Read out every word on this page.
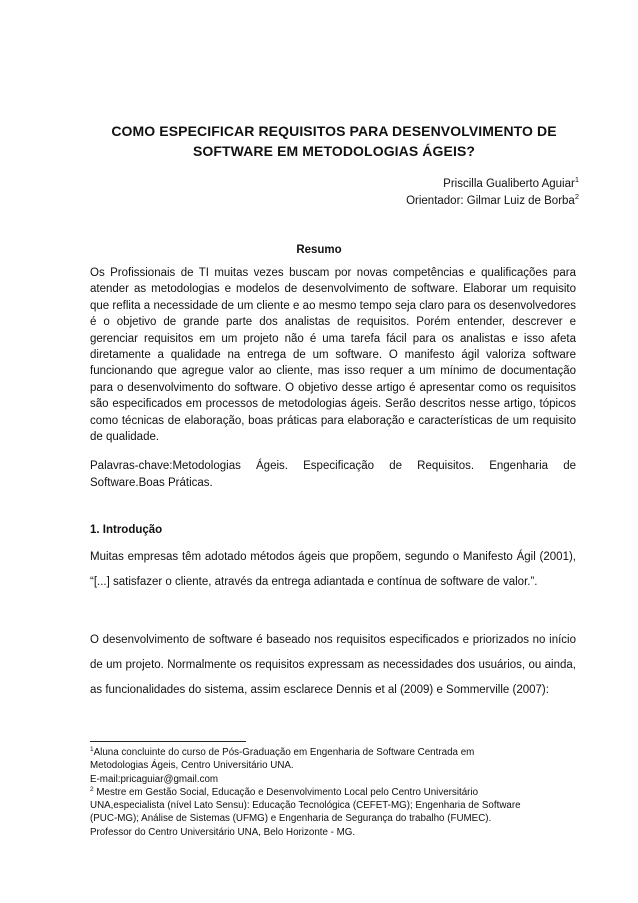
COMO ESPECIFICAR REQUISITOS PARA DESENVOLVIMENTO DE
SOFTWARE EM METODOLOGIAS ÁGEIS?
Priscilla Gualiberto Aguiar$^1$
Orientador: Gilmar Luiz de Borba$^2$
Resumo
Os Profissionais de TI muitas vezes buscam por novas competências e qualificações para atender as metodologias e modelos de desenvolvimento de software. Elaborar um requisito que reflita a necessidade de um cliente e ao mesmo tempo seja claro para os desenvolvedores é o objetivo de grande parte dos analistas de requisitos. Porém entender, descrever e gerenciar requisitos em um projeto não é uma tarefa fácil para os analistas e isso afeta diretamente a qualidade na entrega de um software. O manifesto ágil valoriza software funcionando que agregue valor ao cliente, mas isso requer a um mínimo de documentação para o desenvolvimento do software. O objetivo desse artigo é apresentar como os requisitos são especificados em processos de metodologias ágeis. Serão descritos nesse artigo, tópicos como técnicas de elaboração, boas práticas para elaboração e características de um requisito de qualidade.
Palavras-chave:Metodologias Ágeis. Especificação de Requisitos. Engenharia de Software.Boas Práticas.
1. Introdução
Muitas empresas têm adotado métodos ágeis que propõem, segundo o Manifesto Ágil (2001), “[...] satisfazer o cliente, através da entrega adiantada e contínua de software de valor.”.
O desenvolvimento de software é baseado nos requisitos especificados e priorizados no início de um projeto. Normalmente os requisitos expressam as necessidades dos usuários, ou ainda, as funcionalidades do sistema, assim esclarece Dennis et al (2009) e Sommerville (2007):
$^1$Aluna concluinte do curso de Pós-Graduação em Engenharia de Software Centrada em
Metodologias Ágeis, Centro Universitário UNA.
E-mail:pricaguiar@gmail.com
$^2$ Mestre em Gestão Social, Educação e Desenvolvimento Local pelo Centro Universitário
UNA,especialista (nível Lato Sensu): Educação Tecnológica (CEFET-MG); Engenharia de Software
(PUC-MG); Análise de Sistemas (UFMG) e Engenharia de Segurança do trabalho (FUMEC).
Professor do Centro Universitário UNA, Belo Horizonte - MG.
